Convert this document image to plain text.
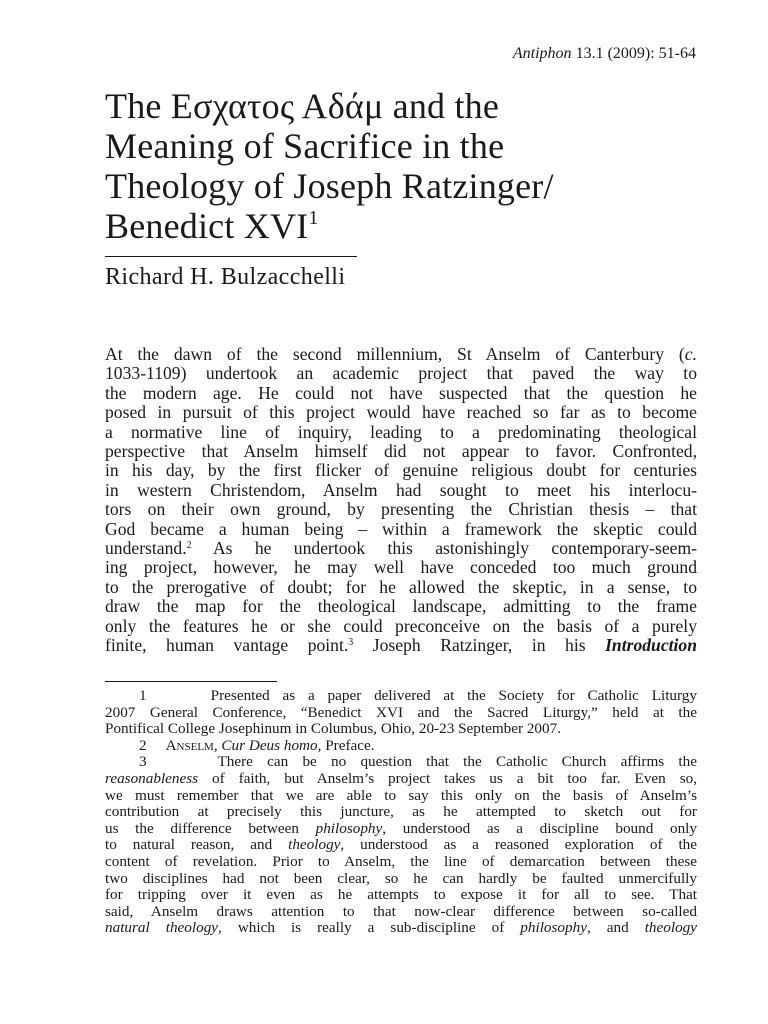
Antiphon 13.1 (2009): 51-64
The Εσχατος Αδάμ and the
Meaning of Sacrifice in the
Theology of Joseph Ratzinger/
Benedict XVI$^1$
Richard H. Bulzacchelli
At the dawn of the second millennium, St Anselm of Canterbury (c.
1033-1109) undertook an academic project that paved the way to
the modern age. He could not have suspected that the question he
posed in pursuit of this project would have reached so far as to become
a normative line of inquiry, leading to a predominating theological
perspective that Anselm himself did not appear to favor. Confronted,
in his day, by the first flicker of genuine religious doubt for centuries
in western Christendom, Anselm had sought to meet his interlocu-
tors on their own ground, by presenting the Christian thesis – that
God became a human being – within a framework the skeptic could
understand.$^2$ As he undertook this astonishingly contemporary-seem-
ing project, however, he may well have conceded too much ground
to the prerogative of doubt; for he allowed the skeptic, in a sense, to
draw the map for the theological landscape, admitting to the frame
only the features he or she could preconceive on the basis of a purely
finite, human vantage point.$^3$ Joseph Ratzinger, in his Introduction
1     Presented as a paper delivered at the Society for Catholic Liturgy
2007 General Conference, “Benedict XVI and the Sacred Liturgy,” held at the
Pontifical College Josephinum in Columbus, Ohio, 20-23 September 2007.
2     Anselm, Cur Deus homo, Preface.
3     There can be no question that the Catholic Church affirms the
reasonableness of faith, but Anselm’s project takes us a bit too far. Even so,
we must remember that we are able to say this only on the basis of Anselm’s
contribution at precisely this juncture, as he attempted to sketch out for
us the difference between philosophy, understood as a discipline bound only
to natural reason, and theology, understood as a reasoned exploration of the
content of revelation. Prior to Anselm, the line of demarcation between these
two disciplines had not been clear, so he can hardly be faulted unmercifully
for tripping over it even as he attempts to expose it for all to see. That
said, Anselm draws attention to that now-clear difference between so-called
natural theology, which is really a sub-discipline of philosophy, and theology
